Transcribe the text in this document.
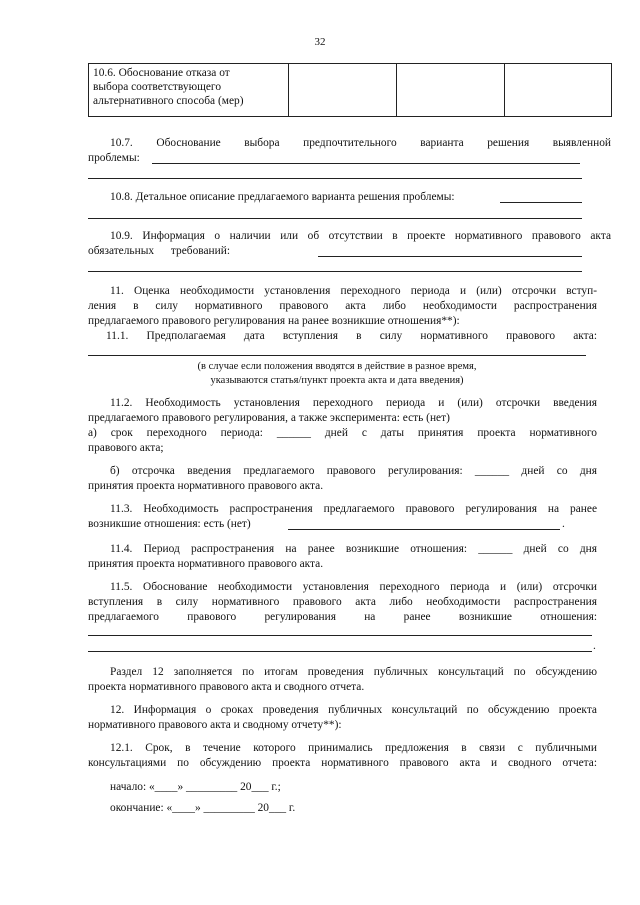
32
10.6. Обоснование отказа от
выбора соответствующего
альтернативного способа (мер)

10.7. Обоснование выбора предпочтительного варианта решения выявленной
проблемы:
10.8. Детальное описание предлагаемого варианта решения проблемы:
10.9. Информация о наличии или об отсутствии в проекте нормативного правового акта
обязательных требований:
11. Оценка необходимости установления переходного периода и (или) отсрочки вступ-
ления в силу нормативного правового акта либо необходимости распространения
предлагаемого правового регулирования на ранее возникшие отношения**):
11.1. Предполагаемая дата вступления в силу нормативного правового акта:
(в случае если положения вводятся в действие в разное время,
указываются статья/пункт проекта акта и дата введения)
11.2. Необходимость установления переходного периода и (или) отсрочки введения
предлагаемого правового регулирования, а также эксперимента: есть (нет)
а) срок переходного периода: ______ дней с даты принятия проекта нормативного
правового акта;
б) отсрочка введения предлагаемого правового регулирования: ______ дней со дня
принятия проекта нормативного правового акта.
11.3. Необходимость распространения предлагаемого правового регулирования на ранее
возникшие отношения: есть (нет)	.
11.4. Период распространения на ранее возникшие отношения: ______ дней со дня
принятия проекта нормативного правового акта.
11.5. Обоснование необходимости установления переходного периода и (или) отсрочки
вступления в силу нормативного правового акта либо необходимости распространения
предлагаемого правового регулирования на ранее возникшие отношения:
.
Раздел 12 заполняется по итогам проведения публичных консультаций по обсуждению
проекта нормативного правового акта и сводного отчета.
12. Информация о сроках проведения публичных консультаций по обсуждению проекта
нормативного правового акта и сводному отчету**):
12.1. Срок, в течение которого принимались предложения в связи с публичными
консультациями по обсуждению проекта нормативного правового акта и сводного отчета:
начало: «____» _________ 20___ г.;
окончание: «____» _________ 20___ г.
